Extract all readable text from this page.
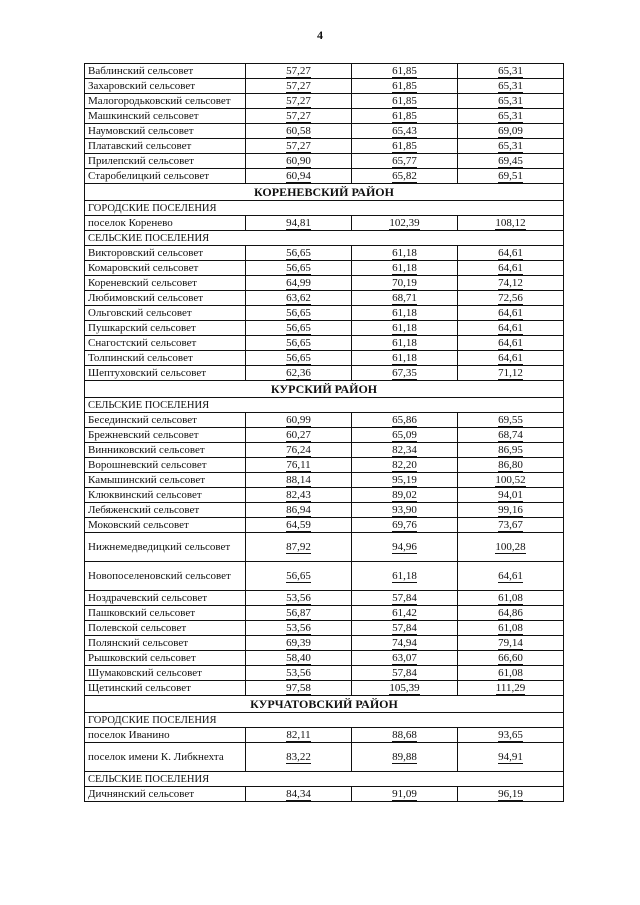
4
Ваблинский сельсовет	57,27	61,85	65,31
Захаровский сельсовет	57,27	61,85	65,31
Малогородьковский сельсовет	57,27	61,85	65,31
Машкинский сельсовет	57,27	61,85	65,31
Наумовский сельсовет	60,58	65,43	69,09
Платавский сельсовет	57,27	61,85	65,31
Прилепский сельсовет	60,90	65,77	69,45
Старобелицкий сельсовет	60,94	65,82	69,51
КОРЕНЕВСКИЙ РАЙОН			
ГОРОДСКИЕ ПОСЕЛЕНИЯ			
поселок Коренево	94,81	102,39	108,12
СЕЛЬСКИЕ ПОСЕЛЕНИЯ			
Викторовский сельсовет	56,65	61,18	64,61
Комаровский сельсовет	56,65	61,18	64,61
Кореневский сельсовет	64,99	70,19	74,12
Любимовский сельсовет	63,62	68,71	72,56
Ольговский сельсовет	56,65	61,18	64,61
Пушкарский сельсовет	56,65	61,18	64,61
Снагостский сельсовет	56,65	61,18	64,61
Толпинский сельсовет	56,65	61,18	64,61
Шептуховский сельсовет	62,36	67,35	71,12
КУРСКИЙ РАЙОН			
СЕЛЬСКИЕ ПОСЕЛЕНИЯ			
Бесединский сельсовет	60,99	65,86	69,55
Брежневский сельсовет	60,27	65,09	68,74
Винниковский сельсовет	76,24	82,34	86,95
Ворошневский сельсовет	76,11	82,20	86,80
Камышинский сельсовет	88,14	95,19	100,52
Клюквинский сельсовет	82,43	89,02	94,01
Лебяженский сельсовет	86,94	93,90	99,16
Моковский сельсовет	64,59	69,76	73,67
Нижнемедведицкий сельсовет	87,92	94,96	100,28
Новопоселеновский сельсовет	56,65	61,18	64,61
Ноздрачевский сельсовет	53,56	57,84	61,08
Пашковский сельсовет	56,87	61,42	64,86
Полевской сельсовет	53,56	57,84	61,08
Полянский сельсовет	69,39	74,94	79,14
Рышковский сельсовет	58,40	63,07	66,60
Шумаковский сельсовет	53,56	57,84	61,08
Щетинский сельсовет	97,58	105,39	111,29
КУРЧАТОВСКИЙ РАЙОН			
ГОРОДСКИЕ ПОСЕЛЕНИЯ			
поселок Иванино	82,11	88,68	93,65
поселок имени К. Либкнехта	83,22	89,88	94,91
СЕЛЬСКИЕ ПОСЕЛЕНИЯ			
Дичнянский сельсовет	84,34	91,09	96,19
